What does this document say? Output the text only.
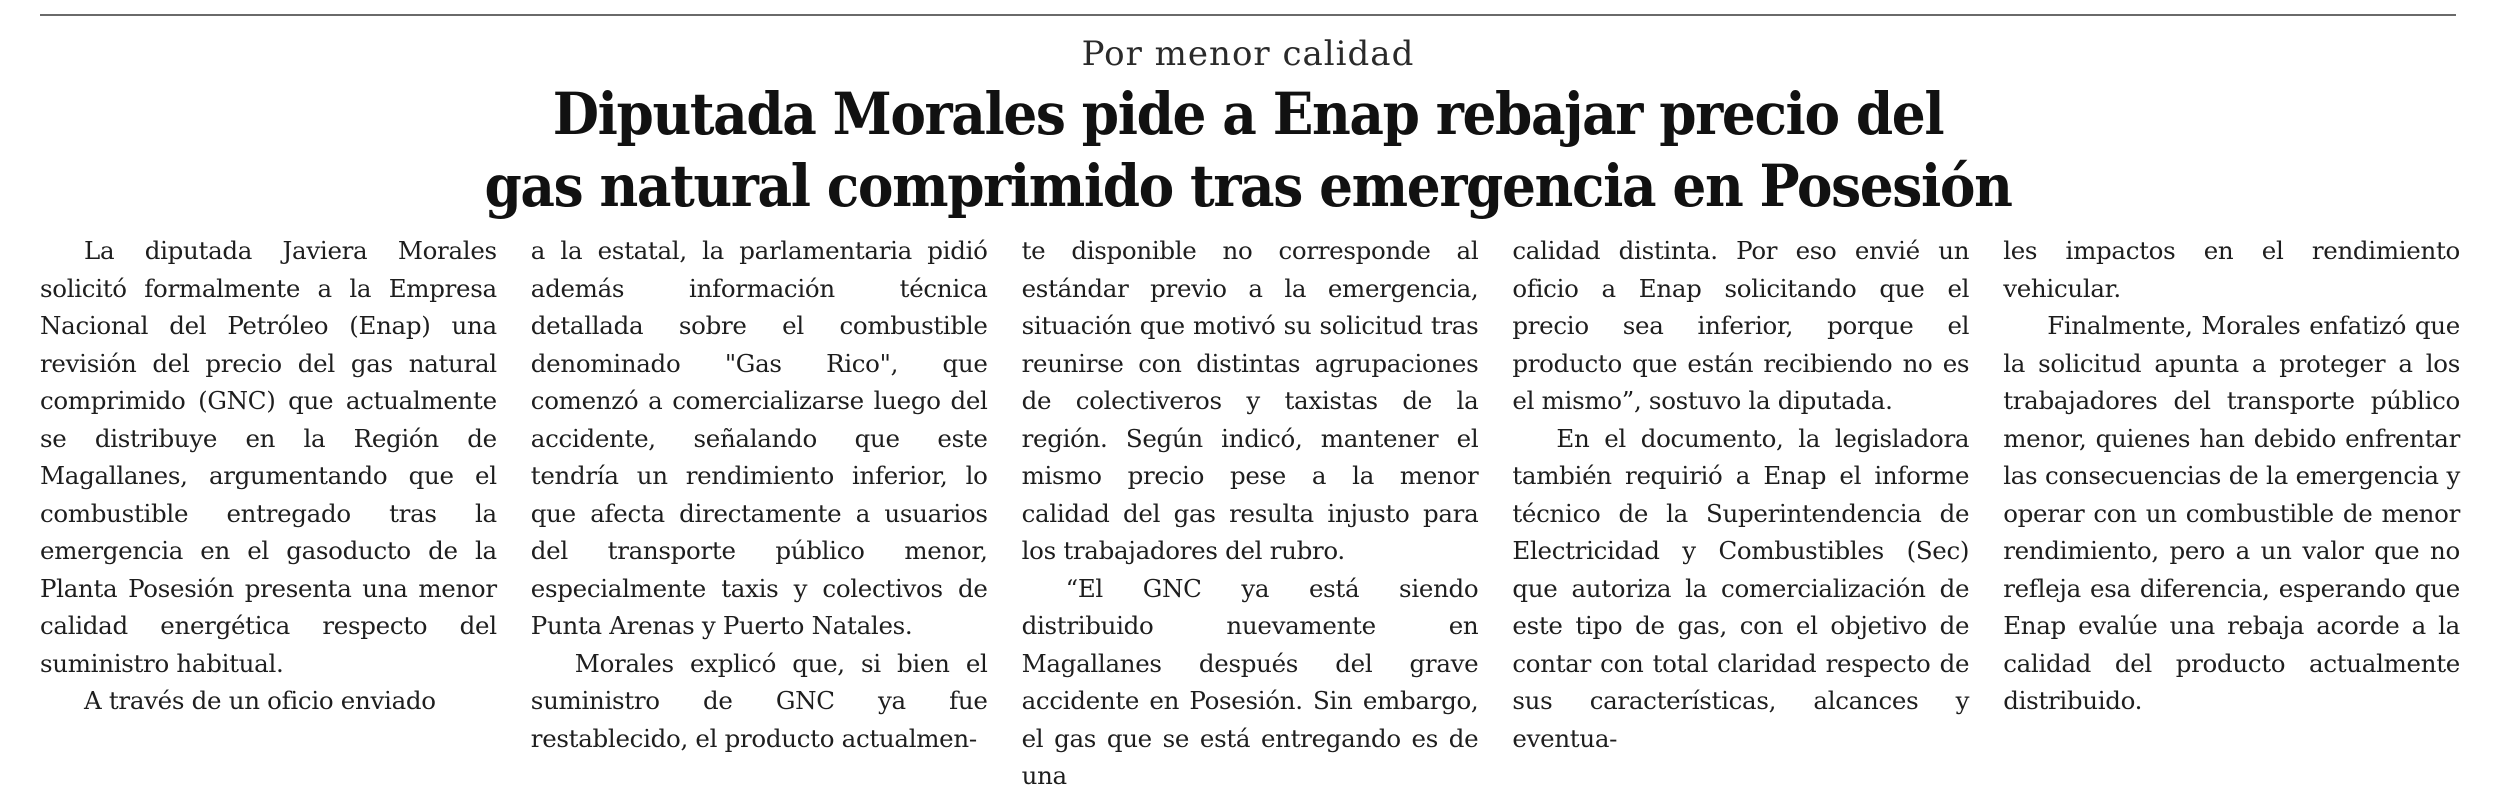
Por menor calidad
Diputada Morales pide a Enap rebajar precio del
gas natural comprimido tras emergencia en Posesión

La diputada Javiera Morales solicitó formalmente a la Empresa Nacional del Petróleo (Enap) una revisión del precio del gas natural comprimido (GNC) que actualmente se distribuye en la Región de Magallanes, argumentando que el combustible entregado tras la emergencia en el gasoducto de la Planta Posesión presenta una menor calidad energética respecto del suministro habitual.

A través de un oficio enviado

a la estatal, la parlamentaria pidió además información técnica detallada sobre el combustible denominado "Gas Rico", que comenzó a comercializarse luego del accidente, señalando que este tendría un rendimiento inferior, lo que afecta directamente a usuarios del transporte público menor, especialmente taxis y colectivos de Punta Arenas y Puerto Natales.

Morales explicó que, si bien el suministro de GNC ya fue restablecido, el producto actualmen-

te disponible no corresponde al estándar previo a la emergencia, situación que motivó su solicitud tras reunirse con distintas agrupaciones de colectiveros y taxistas de la región. Según indicó, mantener el mismo precio pese a la menor calidad del gas resulta injusto para los trabajadores del rubro.

“El GNC ya está siendo distribuido nuevamente en Magallanes después del grave accidente en Posesión. Sin embargo, el gas que se está entregando es de una

calidad distinta. Por eso envié un oficio a Enap solicitando que el precio sea inferior, porque el producto que están recibiendo no es el mismo”, sostuvo la diputada.

En el documento, la legisladora también requirió a Enap el informe técnico de la Superintendencia de Electricidad y Combustibles (Sec) que autoriza la comercialización de este tipo de gas, con el objetivo de contar con total claridad respecto de sus características, alcances y eventua-

les impactos en el rendimiento vehicular.

Finalmente, Morales enfatizó que la solicitud apunta a proteger a los trabajadores del transporte público menor, quienes han debido enfrentar las consecuencias de la emergencia y operar con un combustible de menor rendimiento, pero a un valor que no refleja esa diferencia, esperando que Enap evalúe una rebaja acorde a la calidad del producto actualmente distribuido.
